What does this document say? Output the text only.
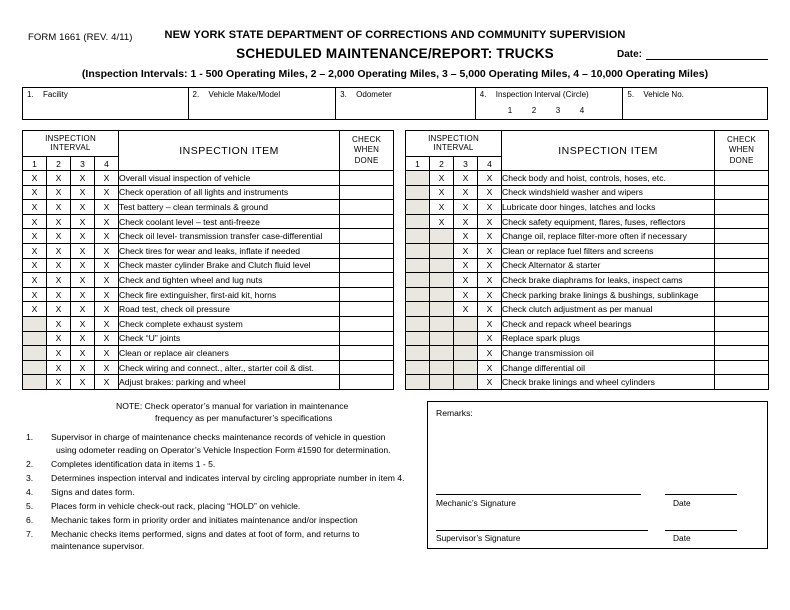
FORM 1661 (REV. 4/11)	NEW YORK STATE DEPARTMENT OF CORRECTIONS AND COMMUNITY SUPERVISION
SCHEDULED MAINTENANCE/REPORT: TRUCKS	Date:
(Inspection Intervals: 1 - 500 Operating Miles, 2 – 2,000 Operating Miles, 3 – 5,000 Operating Miles, 4 – 10,000 Operating Miles)
1. Facility	2. Vehicle Make/Model	3. Odometer	4. Inspection Interval (Circle)
1 2 3 4
5. Vehicle No.
INSPECTION
INTERVAL				INSPECTION ITEM	CHECK
WHEN
DONE
1	2	3	4		
X	X	X	X	Overall visual inspection of vehicle	
X	X	X	X	Check operation of all lights and instruments	
X	X	X	X	Test battery – clean terminals & ground	
X	X	X	X	Check coolant level – test anti-freeze	
X	X	X	X	Check oil level- transmission transfer case-differential	
X	X	X	X	Check tires for wear and leaks, inflate if needed	
X	X	X	X	Check master cylinder Brake and Clutch fluid level	
X	X	X	X	Check and tighten wheel and lug nuts	
X	X	X	X	Check fire extinguisher, first-aid kit, horns	
X	X	X	X	Road test, check oil pressure	
	X	X	X	Check complete exhaust system	
	X	X	X	Check “U” joints	
	X	X	X	Clean or replace air cleaners	
	X	X	X	Check wiring and connect., alter., starter coil & dist.	
	X	X	X	Adjust brakes: parking and wheel	
INSPECTION
INTERVAL				INSPECTION ITEM	CHECK
WHEN
DONE
1	2	3	4		
	X	X	X	Check body and hoist, controls, hoses, etc.	
	X	X	X	Check windshield washer and wipers	
	X	X	X	Lubricate door hinges, latches and locks	
	X	X	X	Check safety equipment, flares, fuses, reflectors	
		X	X	Change oil, replace filter-more often if necessary	
		X	X	Clean or replace fuel filters and screens	
		X	X	Check Alternator & starter	
		X	X	Check brake diaphrams for leaks, inspect cams	
		X	X	Check parking brake linings & bushings, sublinkage	
		X	X	Check clutch adjustment as per manual	
			X	Check and repack wheel bearings	
			X	Replace spark plugs	
			X	Change transmission oil	
			X	Change differential oil	
			X	Check brake linings and wheel cylinders	
NOTE: Check operator’s manual for variation in maintenance
frequency as per manufacturer’s specifications
1.	Supervisor in charge of maintenance checks maintenance records of vehicle in question
using odometer reading on Operator’s Vehicle Inspection Form #1590 for determination.
2.	Completes identification data in items 1 - 5.
3.	Determines inspection interval and indicates interval by circling appropriate number in item 4.
4.	Signs and dates form.
5.	Places form in vehicle check-out rack, placing “HOLD” on vehicle.
6.	Mechanic takes form in priority order and initiates maintenance and/or inspection
7.	Mechanic checks items performed, signs and dates at foot of form, and returns to
maintenance supervisor.
Remarks:
Mechanic’s Signature	Date
Supervisor’s Signature	Date
